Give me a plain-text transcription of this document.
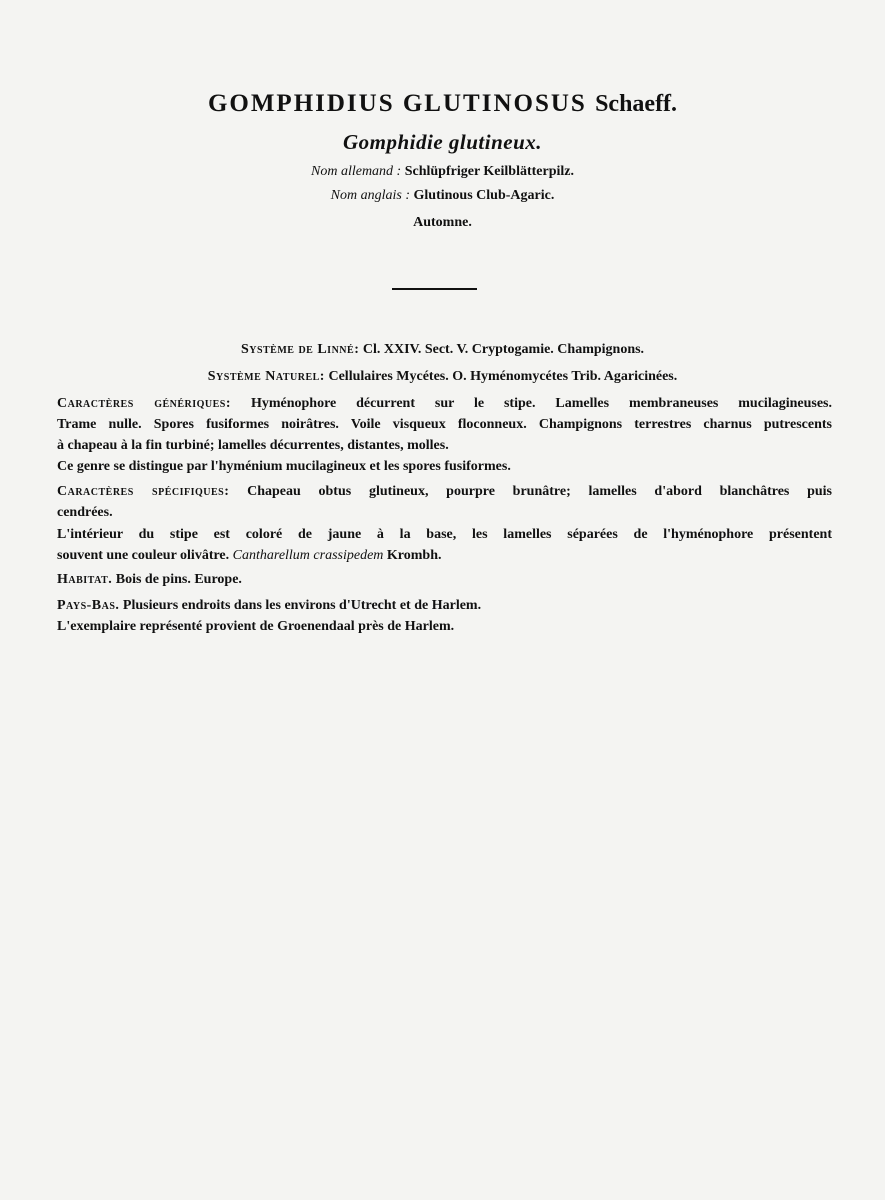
GOMPHIDIUS GLUTINOSUS Schaeff.
Gomphidie glutineux.
Nom allemand : Schlüpfriger Keilblätterpilz.
Nom anglais : Glutinous Club-Agaric.
Automne.
Système de Linné: Cl. XXIV. Sect. V. Cryptogamie. Champignons.
Système Naturel: Cellulaires Mycétes. O. Hyménomycétes Trib. Agaricinées.
Caractères génériques: Hyménophore décurrent sur le stipe. Lamelles membraneuses mucilagineuses.
Trame nulle. Spores fusiformes noirâtres. Voile visqueux floconneux. Champignons terrestres charnus putrescents
à chapeau à la fin turbiné; lamelles décurrentes, distantes, molles.
Ce genre se distingue par l'hyménium mucilagineux et les spores fusiformes.
Caractères spécifiques: Chapeau obtus glutineux, pourpre brunâtre; lamelles d'abord blanchâtres puis
cendrées.
L'intérieur du stipe est coloré de jaune à la base, les lamelles séparées de l'hyménophore présentent
souvent une couleur olivâtre. Cantharellum crassipedem Krombh.
Habitat. Bois de pins. Europe.
Pays-Bas. Plusieurs endroits dans les environs d'Utrecht et de Harlem.
L'exemplaire représenté provient de Groenendaal près de Harlem.
